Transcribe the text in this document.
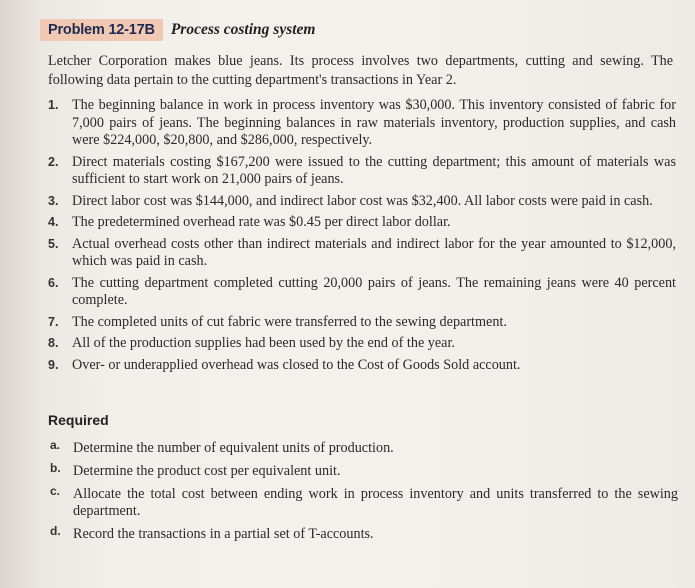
Problem 12-17B	Process costing system
Letcher Corporation makes blue jeans. Its process involves two departments, cutting and sewing. The following data pertain to the cutting department's transactions in Year 2.
1. The beginning balance in work in process inventory was $30,000. This inventory consisted of fabric for 7,000 pairs of jeans. The beginning balances in raw materials inventory, production supplies, and cash were $224,000, $20,800, and $286,000, respectively.
2. Direct materials costing $167,200 were issued to the cutting department; this amount of materials was sufficient to start work on 21,000 pairs of jeans.
3. Direct labor cost was $144,000, and indirect labor cost was $32,400. All labor costs were paid in cash.
4. The predetermined overhead rate was $0.45 per direct labor dollar.
5. Actual overhead costs other than indirect materials and indirect labor for the year amounted to $12,000, which was paid in cash.
6. The cutting department completed cutting 20,000 pairs of jeans. The remaining jeans were 40 percent complete.
7. The completed units of cut fabric were transferred to the sewing department.
8. All of the production supplies had been used by the end of the year.
9. Over- or underapplied overhead was closed to the Cost of Goods Sold account.
Required
a. Determine the number of equivalent units of production.
b. Determine the product cost per equivalent unit.
c. Allocate the total cost between ending work in process inventory and units transferred to the sewing department.
d. Record the transactions in a partial set of T-accounts.
